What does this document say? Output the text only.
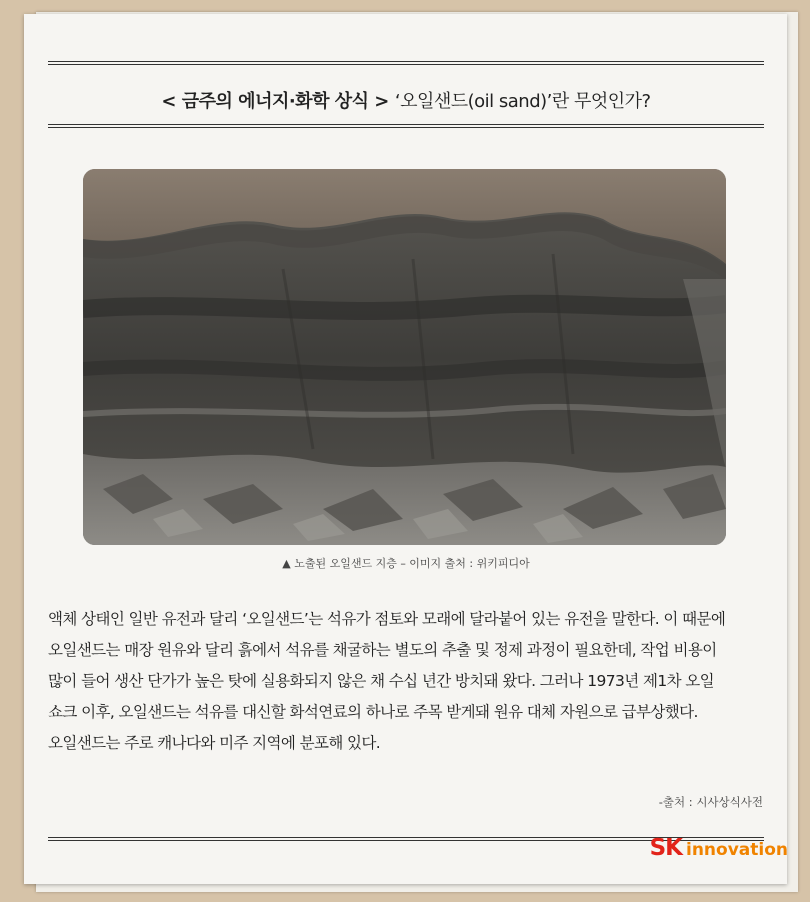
< 금주의 에너지·화학 상식 > ‘오일샌드(oil sand)’란 무엇인가?
▲ 노출된 오일샌드 지층 – 이미지 출처 : 위키피디아
액체 상태인 일반 유전과 달리 ‘오일샌드’는 석유가 점토와 모래에 달라붙어 있는 유전을 말한다. 이 때문에
오일샌드는 매장 원유와 달리 흙에서 석유를 채굴하는 별도의 추출 및 정제 과정이 필요한데, 작업 비용이
많이 들어 생산 단가가 높은 탓에 실용화되지 않은 채 수십 년간 방치돼 왔다. 그러나 1973년 제1차 오일
쇼크 이후, 오일샌드는 석유를 대신할 화석연료의 하나로 주목 받게돼 원유 대체 자원으로 급부상했다.
오일샌드는 주로 캐나다와 미주 지역에 분포해 있다.
-출처 : 시사상식사전
SK innovation
